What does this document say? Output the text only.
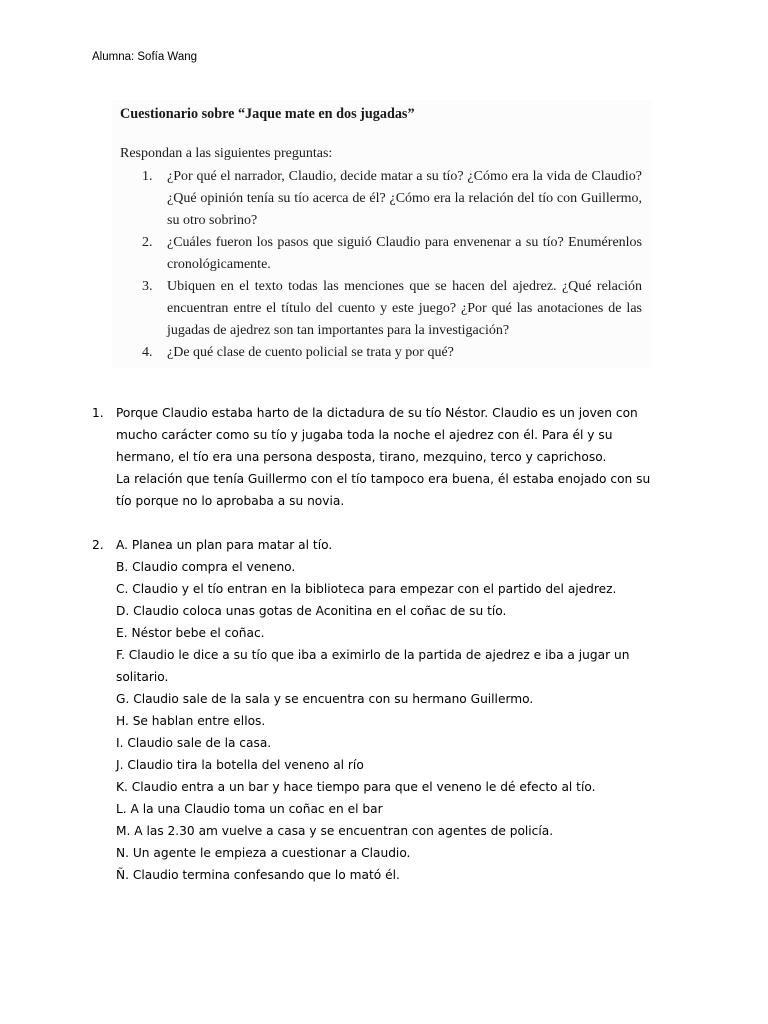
Alumna: Sofía Wang
Cuestionario sobre “Jaque mate en dos jugadas”
Respondan a las siguientes preguntas:
1. ¿Por qué el narrador, Claudio, decide matar a su tío? ¿Cómo era la vida de Claudio?
¿Qué opinión tenía su tío acerca de él? ¿Cómo era la relación del tío con Guillermo,
su otro sobrino?
2. ¿Cuáles fueron los pasos que siguió Claudio para envenenar a su tío? Enumérenlos
cronológicamente.
3. Ubiquen en el texto todas las menciones que se hacen del ajedrez. ¿Qué relación
encuentran entre el título del cuento y este juego? ¿Por qué las anotaciones de las
jugadas de ajedrez son tan importantes para la investigación?
4. ¿De qué clase de cuento policial se trata y por qué?
1. Porque Claudio estaba harto de la dictadura de su tío Néstor. Claudio es un joven con
mucho carácter como su tío y jugaba toda la noche el ajedrez con él. Para él y su
hermano, el tío era una persona desposta, tirano, mezquino, terco y caprichoso.
La relación que tenía Guillermo con el tío tampoco era buena, él estaba enojado con su
tío porque no lo aprobaba a su novia.
2. A. Planea un plan para matar al tío.
B. Claudio compra el veneno.
C. Claudio y el tío entran en la biblioteca para empezar con el partido del ajedrez.
D. Claudio coloca unas gotas de Aconitina en el coñac de su tío.
E. Néstor bebe el coñac.
F. Claudio le dice a su tío que iba a eximirlo de la partida de ajedrez e iba a jugar un
solitario.
G. Claudio sale de la sala y se encuentra con su hermano Guillermo.
H. Se hablan entre ellos.
I. Claudio sale de la casa.
J. Claudio tira la botella del veneno al río
K. Claudio entra a un bar y hace tiempo para que el veneno le dé efecto al tío.
L. A la una Claudio toma un coñac en el bar
M. A las 2.30 am vuelve a casa y se encuentran con agentes de policía.
N. Un agente le empieza a cuestionar a Claudio.
Ñ. Claudio termina confesando que lo mató él.
